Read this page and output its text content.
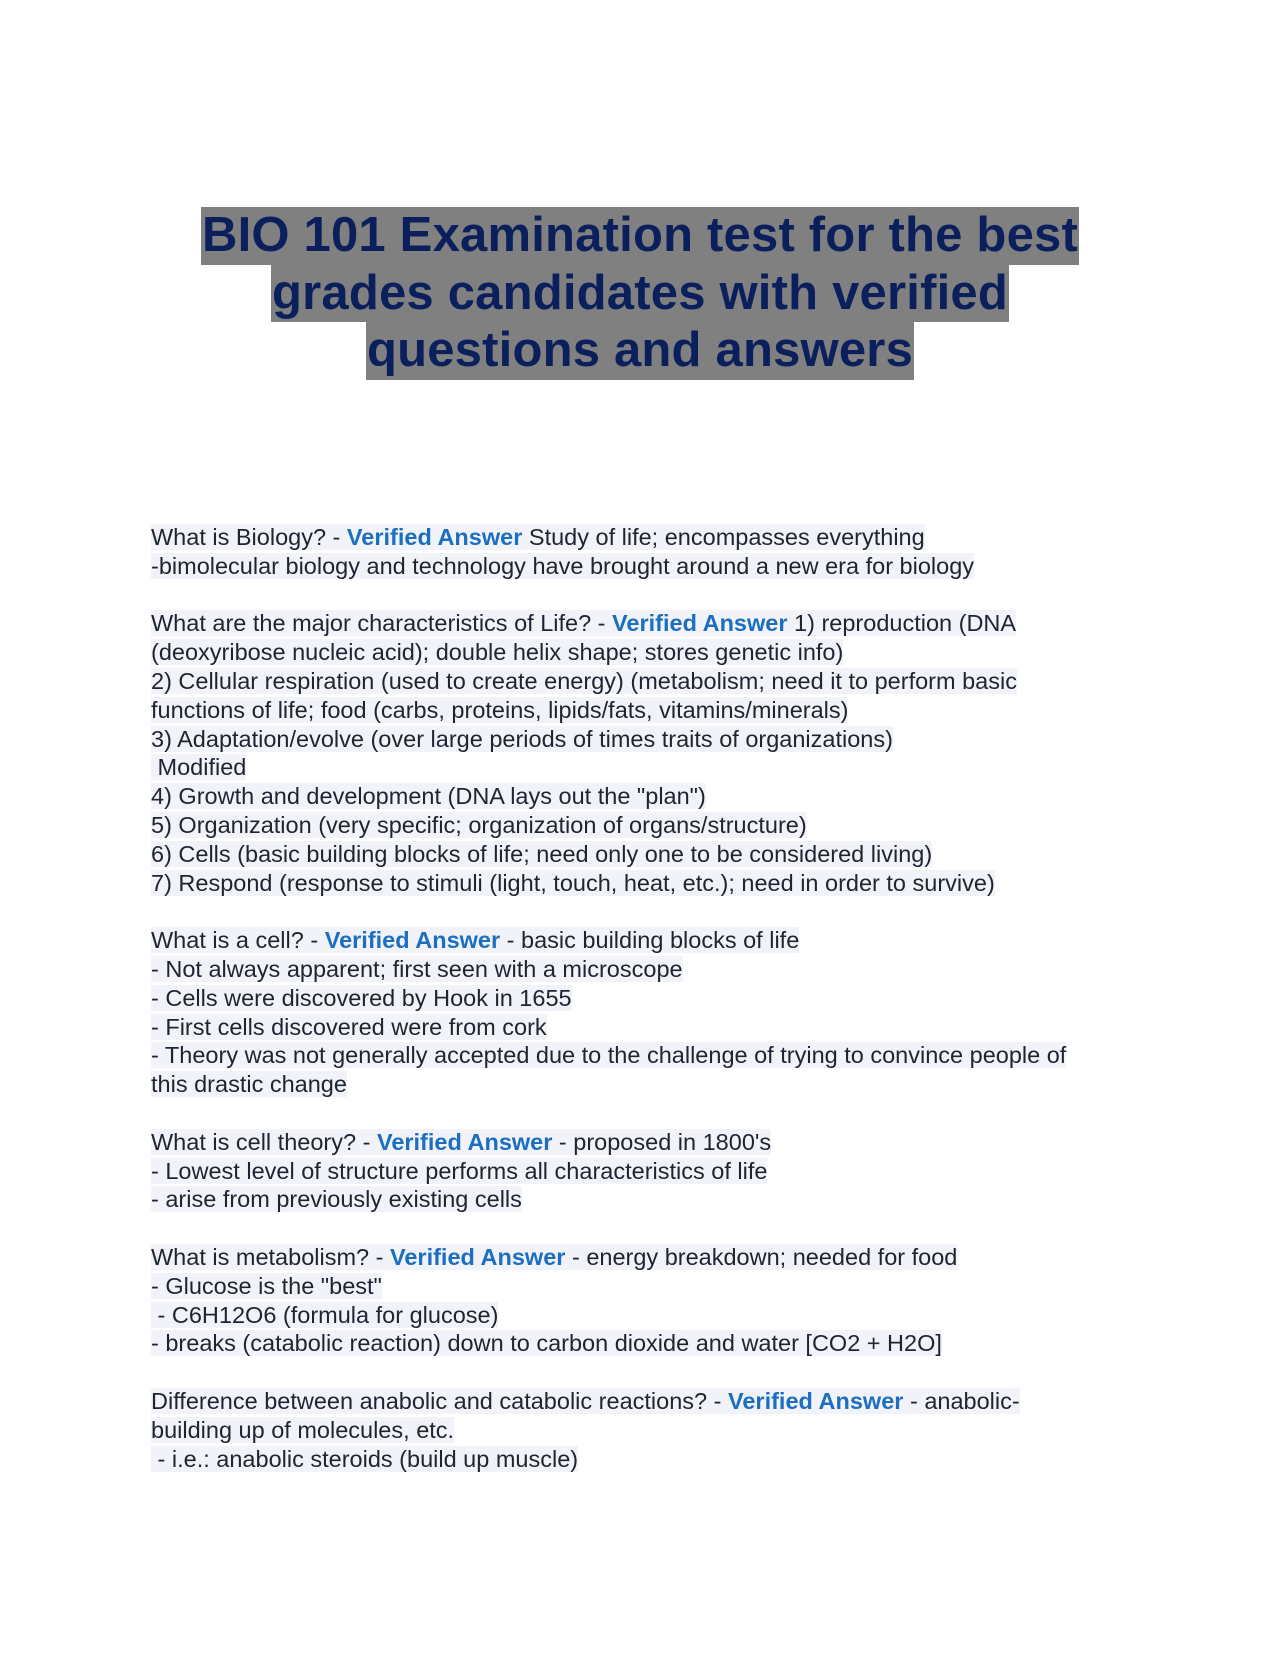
BIO 101 Examination test for the best
grades candidates with verified
questions and answers
What is Biology? - Verified Answer Study of life; encompasses everything
-bimolecular biology and technology have brought around a new era for biology
What are the major characteristics of Life? - Verified Answer 1) reproduction (DNA
(deoxyribose nucleic acid); double helix shape; stores genetic info)
2) Cellular respiration (used to create energy) (metabolism; need it to perform basic
functions of life; food (carbs, proteins, lipids/fats, vitamins/minerals)
3) Adaptation/evolve (over large periods of times traits of organizations)
Modified
4) Growth and development (DNA lays out the "plan")
5) Organization (very specific; organization of organs/structure)
6) Cells (basic building blocks of life; need only one to be considered living)
7) Respond (response to stimuli (light, touch, heat, etc.); need in order to survive)
What is a cell? - Verified Answer - basic building blocks of life
- Not always apparent; first seen with a microscope
- Cells were discovered by Hook in 1655
- First cells discovered were from cork
- Theory was not generally accepted due to the challenge of trying to convince people of
this drastic change
What is cell theory? - Verified Answer - proposed in 1800's
- Lowest level of structure performs all characteristics of life
- arise from previously existing cells
What is metabolism? - Verified Answer - energy breakdown; needed for food
- Glucose is the "best"
- C6H12O6 (formula for glucose)
- breaks (catabolic reaction) down to carbon dioxide and water [CO2 + H2O]
Difference between anabolic and catabolic reactions? - Verified Answer - anabolic-
building up of molecules, etc.
- i.e.: anabolic steroids (build up muscle)
